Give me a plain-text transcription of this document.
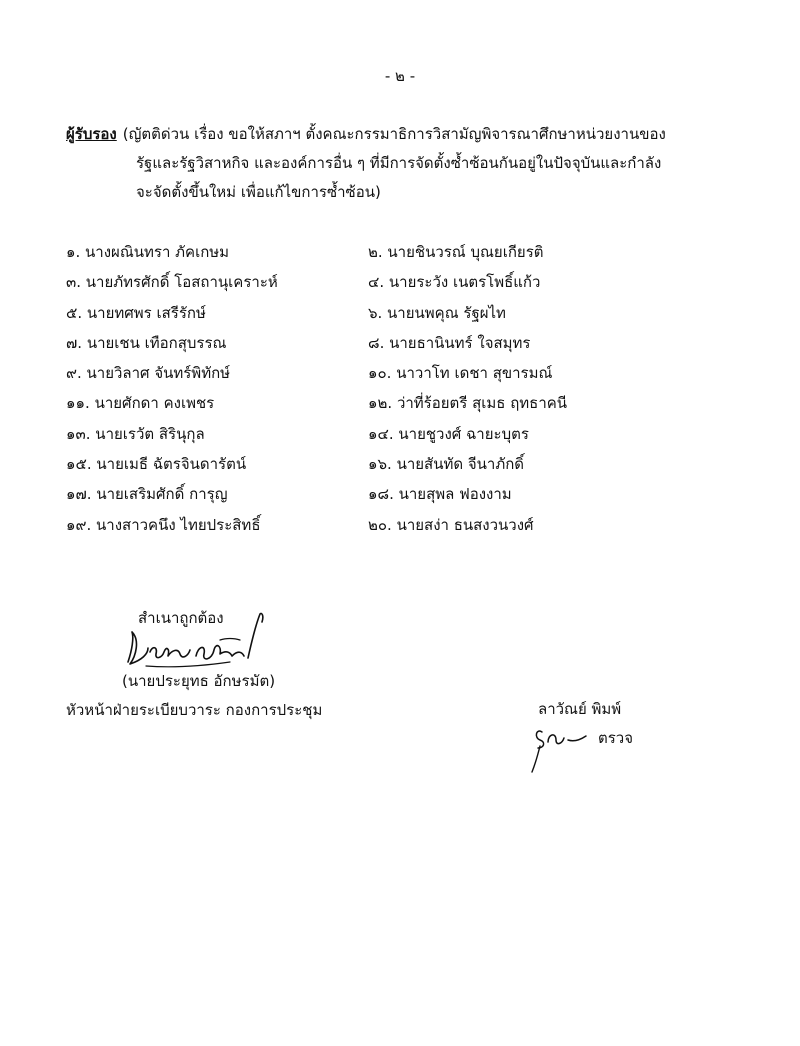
- ๒ -
ผู้รับรอง (ญัตติด่วน เรื่อง ขอให้สภาฯ ตั้งคณะกรรมาธิการวิสามัญพิจารณาศึกษาหน่วยงานของ
รัฐและรัฐวิสาหกิจ และองค์การอื่น ๆ ที่มีการจัดตั้งซ้ำซ้อนกันอยู่ในปัจจุบันและกำลัง
จะจัดตั้งขึ้นใหม่ เพื่อแก้ไขการซ้ำซ้อน)
๑. นางผณินทรา ภัคเกษม
๓. นายภัทรศักดิ์ โอสถานุเคราะห์
๕. นายทศพร เสรีรักษ์
๗. นายเชน เทือกสุบรรณ
๙. นายวิลาศ จันทร์พิทักษ์
๑๑. นายศักดา คงเพชร
๑๓. นายเรวัต สิรินุกุล
๑๕. นายเมธี ฉัตรจินดารัตน์
๑๗. นายเสริมศักดิ์ การุญ
๑๙. นางสาวคนึง ไทยประสิทธิ์
๒. นายชินวรณ์ บุณยเกียรติ
๔. นายระวัง เนตรโพธิ์แก้ว
๖. นายนพคุณ รัฐผไท
๘. นายธานินทร์ ใจสมุทร
๑๐. นาวาโท เดชา สุขารมณ์
๑๒. ว่าที่ร้อยตรี สุเมธ ฤทธาคนี
๑๔. นายชูวงศ์ ฉายะบุตร
๑๖. นายสันทัด จีนาภักดิ์
๑๘. นายสุพล ฟองงาม
๒๐. นายสง่า ธนสงวนวงศ์
สำเนาถูกต้อง
(นายประยุทธ อักษรมัต)
หัวหน้าฝ่ายระเบียบวาระ กองการประชุม	ลาวัณย์ พิมพ์
ตรวจ
